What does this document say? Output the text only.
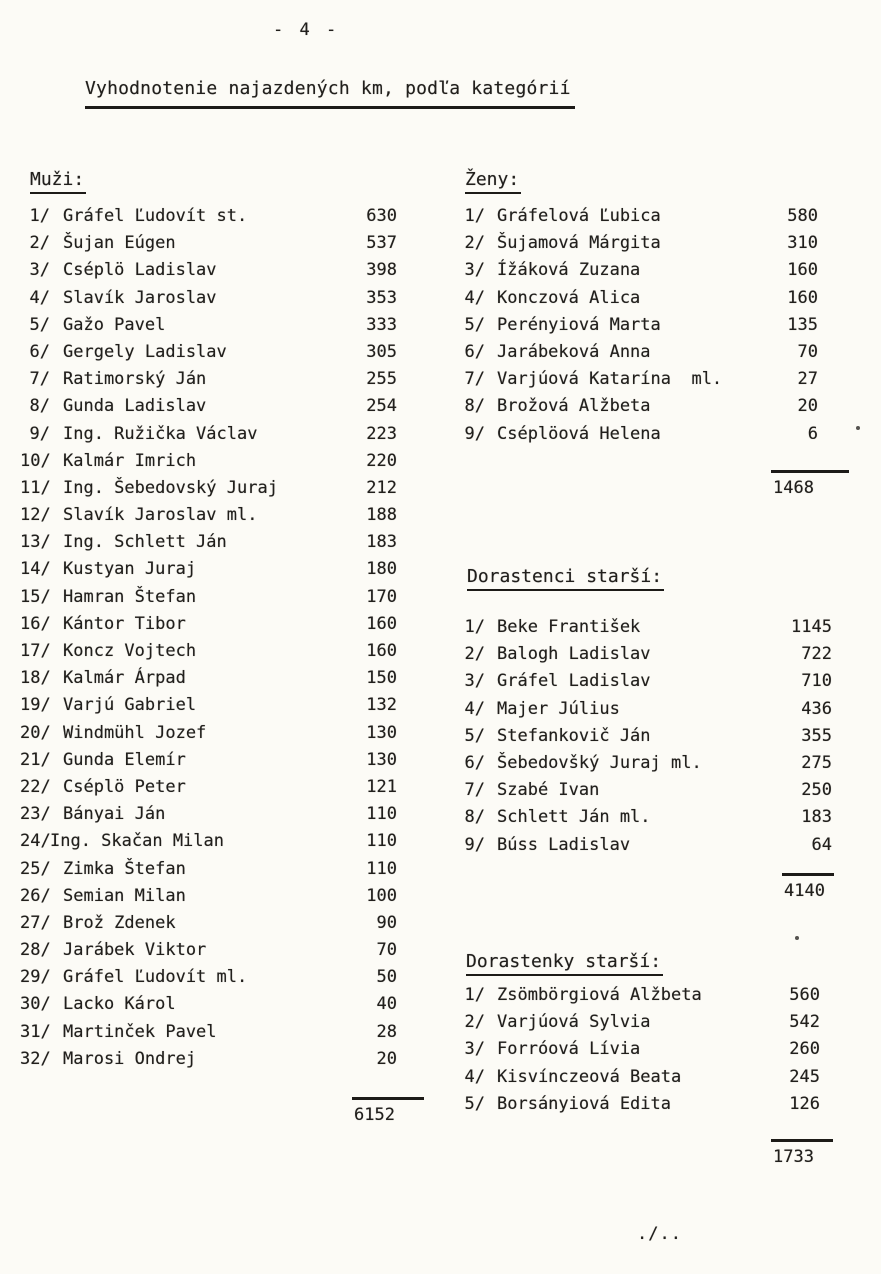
- 4 -
Vyhodnotenie najazdených km, podľa kategórií
Muži:
1/ Gráfel Ľudovít st.	630
2/ Šujan Eúgen	537
3/ Cséplö Ladislav	398
4/ Slavík Jaroslav	353
5/ Gažo Pavel	333
6/ Gergely Ladislav	305
7/ Ratimorský Ján	255
8/ Gunda Ladislav	254
9/ Ing. Ružička Václav	223
10/ Kalmár Imrich	220
11/ Ing. Šebedovský Juraj	212
12/ Slavík Jaroslav ml.	188
13/ Ing. Schlett Ján	183
14/ Kustyan Juraj	180
15/ Hamran Štefan	170
16/ Kántor Tibor	160
17/ Koncz Vojtech	160
18/ Kalmár Árpad	150
19/ Varjú Gabriel	132
20/ Windmühl Jozef	130
21/ Gunda Elemír	130
22/ Cséplö Peter	121
23/ Bányai Ján	110
24/ Ing. Skačan Milan	110
25/ Zimka Štefan	110
26/ Semian Milan	100
27/ Brož Zdenek	90
28/ Jarábek Viktor	70
29/ Gráfel Ľudovít ml.	50
30/ Lacko Károl	40
31/ Martinček Pavel	28
32/ Marosi Ondrej	20
6152
Ženy:
1/ Gráfelová Ľubica	580
2/ Šujamová Márgita	310
3/ Ížáková Zuzana	160
4/ Konczová Alica	160
5/ Perényiová Marta	135
6/ Jarábeková Anna	70
7/ Varjúová Katarína  ml.	27
8/ Brožová Alžbeta	20
9/ Cséplöová Helena	6
1468
Dorastenci starší:
1/ Beke František	1145
2/ Balogh Ladislav	722
3/ Gráfel Ladislav	710
4/ Majer Július	436
5/ Stefankovič Ján	355
6/ Šebedovšký Juraj ml.	275
7/ Szabé Ivan	250
8/ Schlett Ján ml.	183
9/ Búss Ladislav	64
4140
Dorastenky starší:
1/ Zsömbörgiová Alžbeta	560
2/ Varjúová Sylvia	542
3/ Forróová Lívia	260
4/ Kisvínczeová Beata	245
5/ Borsányiová Edita	126
1733
./..
